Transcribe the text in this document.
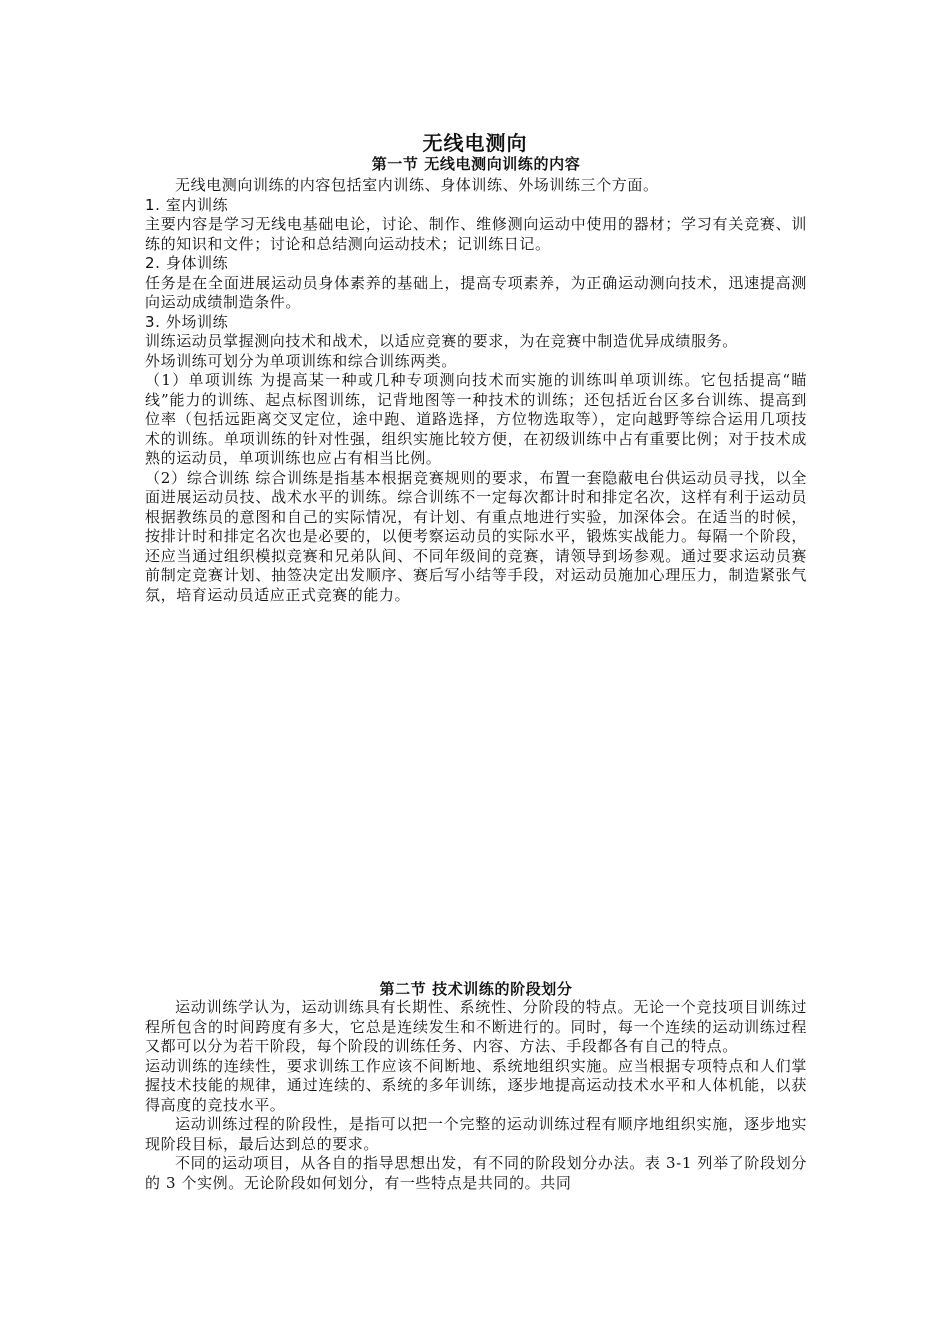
无线电测向
第一节 无线电测向训练的内容

无线电测向训练的内容包括室内训练、身体训练、外场训练三个方面。

1. 室内训练

主要内容是学习无线电基础电论，讨论、制作、维修测向运动中使用的器材；学习有关竞赛、训练的知识和文件；讨论和总结测向运动技术；记训练日记。

2. 身体训练

任务是在全面进展运动员身体素养的基础上，提高专项素养，为正确运动测向技术，迅速提高测向运动成绩制造条件。

3. 外场训练

训练运动员掌握测向技术和战术，以适应竞赛的要求，为在竞赛中制造优异成绩服务。

外场训练可划分为单项训练和综合训练两类。

（1）单项训练 为提高某一种或几种专项测向技术而实施的训练叫单项训练。它包括提高“瞄线”能力的训练、起点标图训练，记背地图等一种技术的训练；还包括近台区多台训练、提高到位率（包括远距离交叉定位，途中跑、道路选择，方位物选取等），定向越野等综合运用几项技术的训练。单项训练的针对性强，组织实施比较方便，在初级训练中占有重要比例；对于技术成熟的运动员，单项训练也应占有相当比例。

（2）综合训练 综合训练是指基本根据竞赛规则的要求，布置一套隐蔽电台供运动员寻找，以全面进展运动员技、战术水平的训练。综合训练不一定每次都计时和排定名次，这样有利于运动员根据教练员的意图和自己的实际情况，有计划、有重点地进行实验，加深体会。在适当的时候，按排计时和排定名次也是必要的，以便考察运动员的实际水平，锻炼实战能力。每隔一个阶段，还应当通过组织模拟竞赛和兄弟队间、不同年级间的竞赛，请领导到场参观。通过要求运动员赛前制定竞赛计划、抽签决定出发顺序、赛后写小结等手段，对运动员施加心理压力，制造紧张气氛，培育运动员适应正式竞赛的能力。

第二节 技术训练的阶段划分

运动训练学认为，运动训练具有长期性、系统性、分阶段的特点。无论一个竞技项目训练过程所包含的时间跨度有多大，它总是连续发生和不断进行的。同时，每一个连续的运动训练过程又都可以分为若干阶段，每个阶段的训练任务、内容、方法、手段都各有自己的特点。

运动训练的连续性，要求训练工作应该不间断地、系统地组织实施。应当根据专项特点和人们掌握技术技能的规律，通过连续的、系统的多年训练，逐步地提高运动技术水平和人体机能，以获得高度的竞技水平。

运动训练过程的阶段性，是指可以把一个完整的运动训练过程有顺序地组织实施，逐步地实现阶段目标，最后达到总的要求。

不同的运动项目，从各自的指导思想出发，有不同的阶段划分办法。表 3-1 列举了阶段划分的 3 个实例。无论阶段如何划分，有一些特点是共同的。共同
